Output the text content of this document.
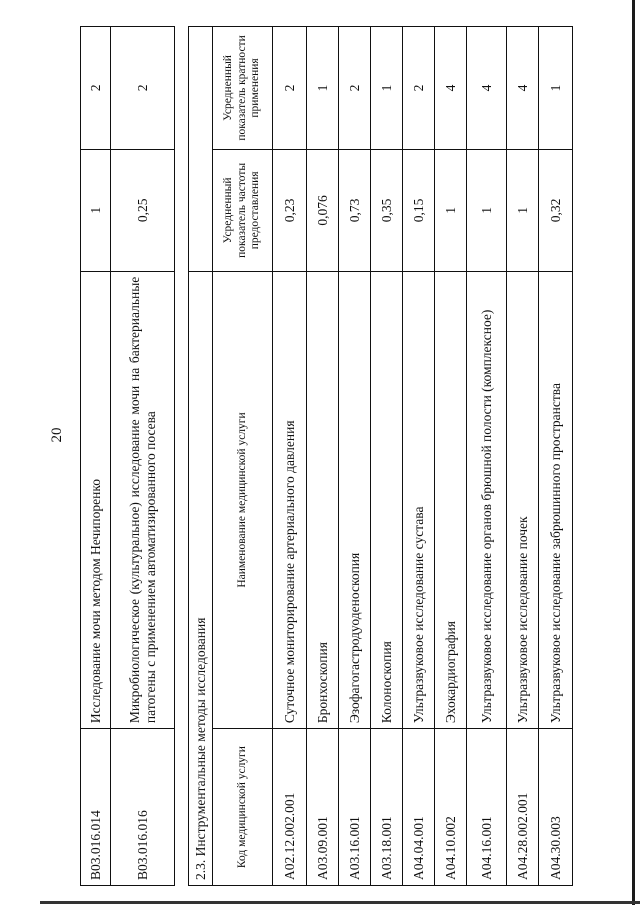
20
B03.016.014	Исследование мочи методом Нечипоренко	1	2
B03.016.016	Микробиологическое (культуральное) исследование мочи на бактериальные патогены с применением автоматизированного посева	0,25	2
2.3. Инструментальные методы исследования			
Код медицинской услуги	Наименование медицинской услуги	Усредненный показатель частоты предоставления	Усредненный показатель кратности применения
A02.12.002.001	Суточное мониторирование артериального давления	0,23	2
A03.09.001	Бронхоскопия	0,076	1
A03.16.001	Эзофагогастродуоденоскопия	0,73	2
A03.18.001	Колоноскопия	0,35	1
A04.04.001	Ультразвуковое исследование сустава	0,15	2
A04.10.002	Эхокардиография	1	4
A04.16.001	Ультразвуковое исследование органов брюшной полости (комплексное)	1	4
A04.28.002.001	Ультразвуковое исследование почек	1	4
A04.30.003	Ультразвуковое исследование забрюшинного пространства	0,32	1
